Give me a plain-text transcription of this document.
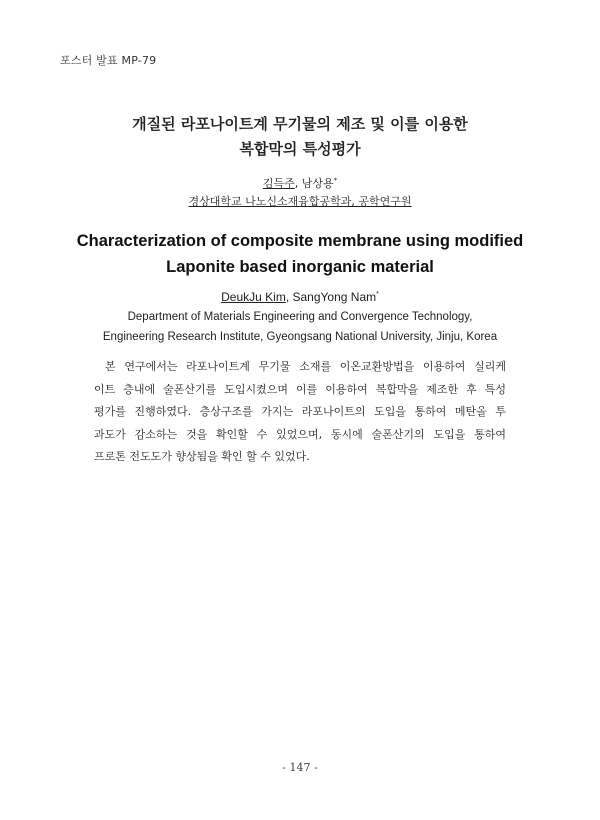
포스터 발표 MP-79
개질된 라포나이트계 무기물의 제조 및 이를 이용한
복합막의 특성평가
김득주, 남상용*
경상대학교 나노신소재융합공학과, 공학연구원
Characterization of composite membrane using modified
Laponite based inorganic material
DeukJu Kim, SangYong Nam*
Department of Materials Engineering and Convergence Technology,
Engineering Research Institute, Gyeongsang National University, Jinju, Korea
본 연구에서는 라포나이트계 무기물 소재를 이온교환방법을 이용하여 실리케
이트 층내에 술폰산기를 도입시켰으며 이를 이용하여 복합막을 제조한 후 특성
평가를 진행하였다. 층상구조를 가지는 라포나이트의 도입을 통하여 메탄올 투
과도가 감소하는 것을 확인할 수 있었으며, 동시에 술폰산기의 도입을 통하여
프로톤 전도도가 향상됨을 확인 할 수 있었다.
- 147 -
